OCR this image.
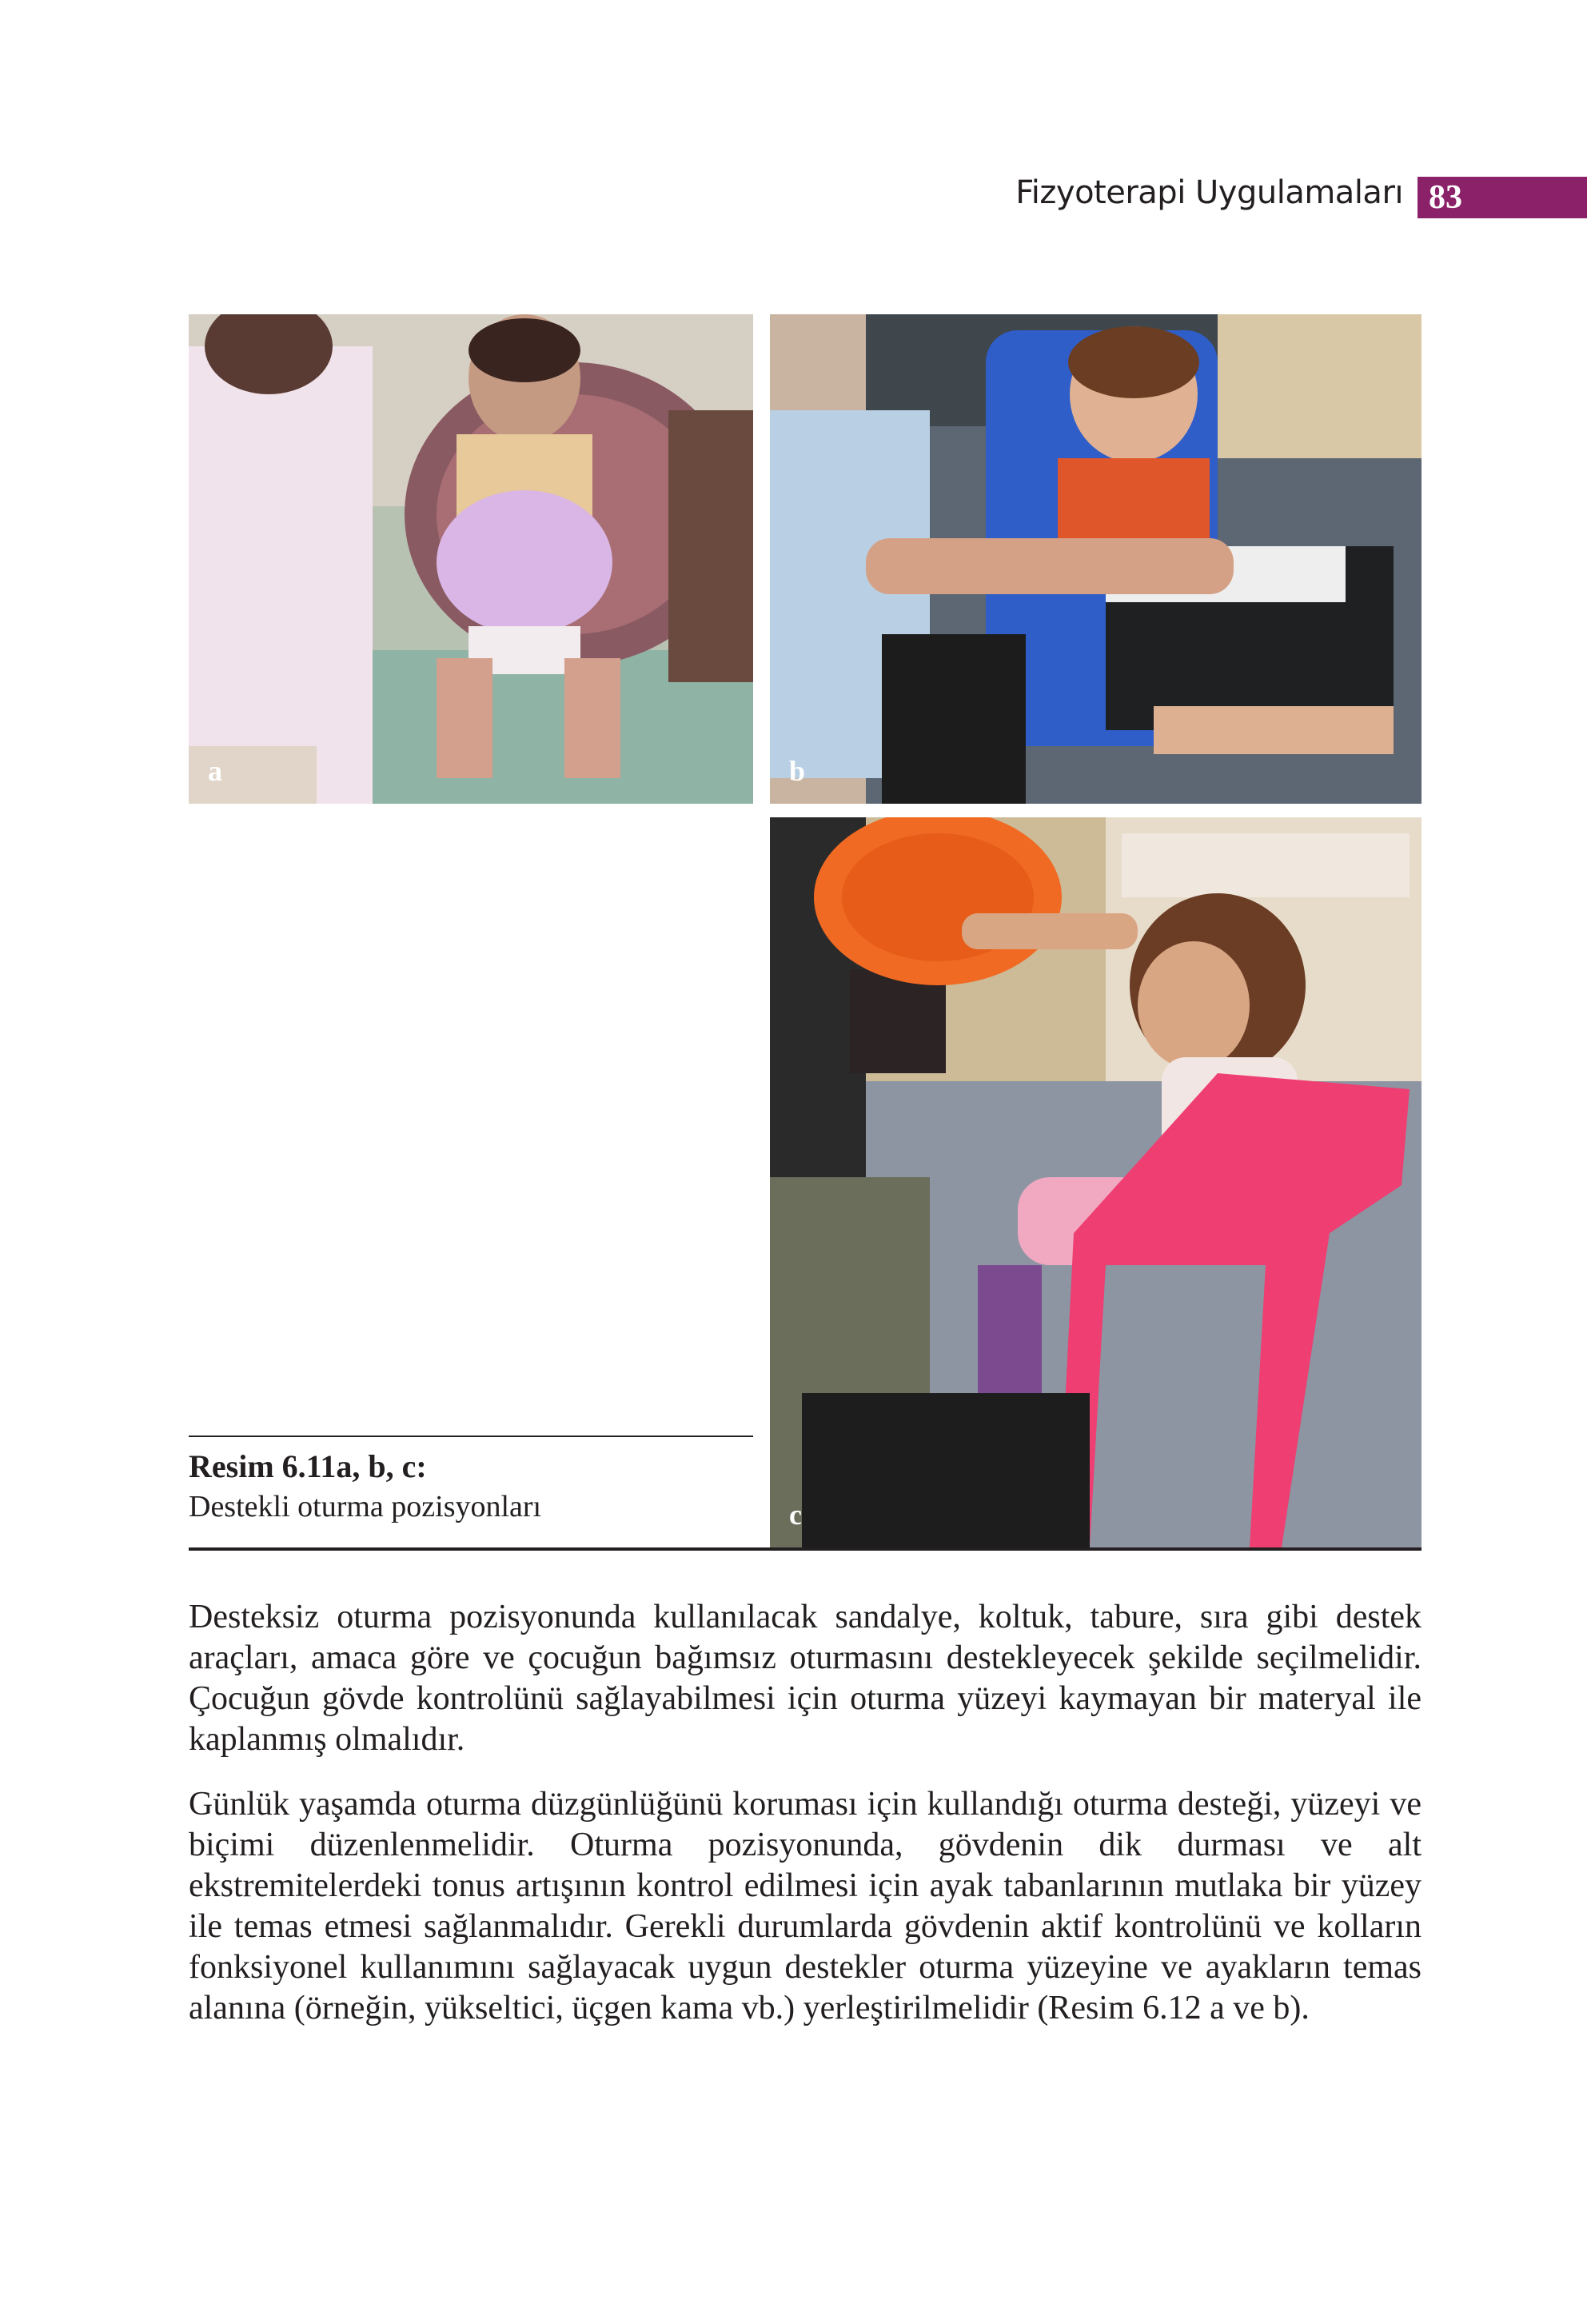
Fizyoterapi Uygulamaları 83
a	b
c
Resim 6.11a, b, c:
Destekli oturma pozisyonları

Desteksiz oturma pozisyonunda kullanılacak sandalye, koltuk, tabure, sıra gibi destek araçları, amaca göre ve çocuğun bağımsız oturmasını destekleyecek şekilde seçilmelidir. Çocuğun gövde kontrolünü sağlayabilmesi için oturma yüzeyi kaymayan bir materyal ile kaplanmış olmalıdır.

Günlük yaşamda oturma düzgünlüğünü koruması için kullandığı oturma desteği, yüzeyi ve biçimi düzenlenmelidir. Oturma pozisyonunda, gövdenin dik durması ve alt ekstremitelerdeki tonus artışının kontrol edilmesi için ayak tabanlarının mutlaka bir yüzey ile temas etmesi sağlanmalıdır. Gerekli durumlarda gövdenin aktif kontrolünü ve kolların fonksiyonel kullanımını sağlayacak uygun destekler oturma yüzeyine ve ayakların temas alanına (örneğin, yükseltici, üçgen kama vb.) yerleştirilmelidir (Resim 6.12 a ve b).
